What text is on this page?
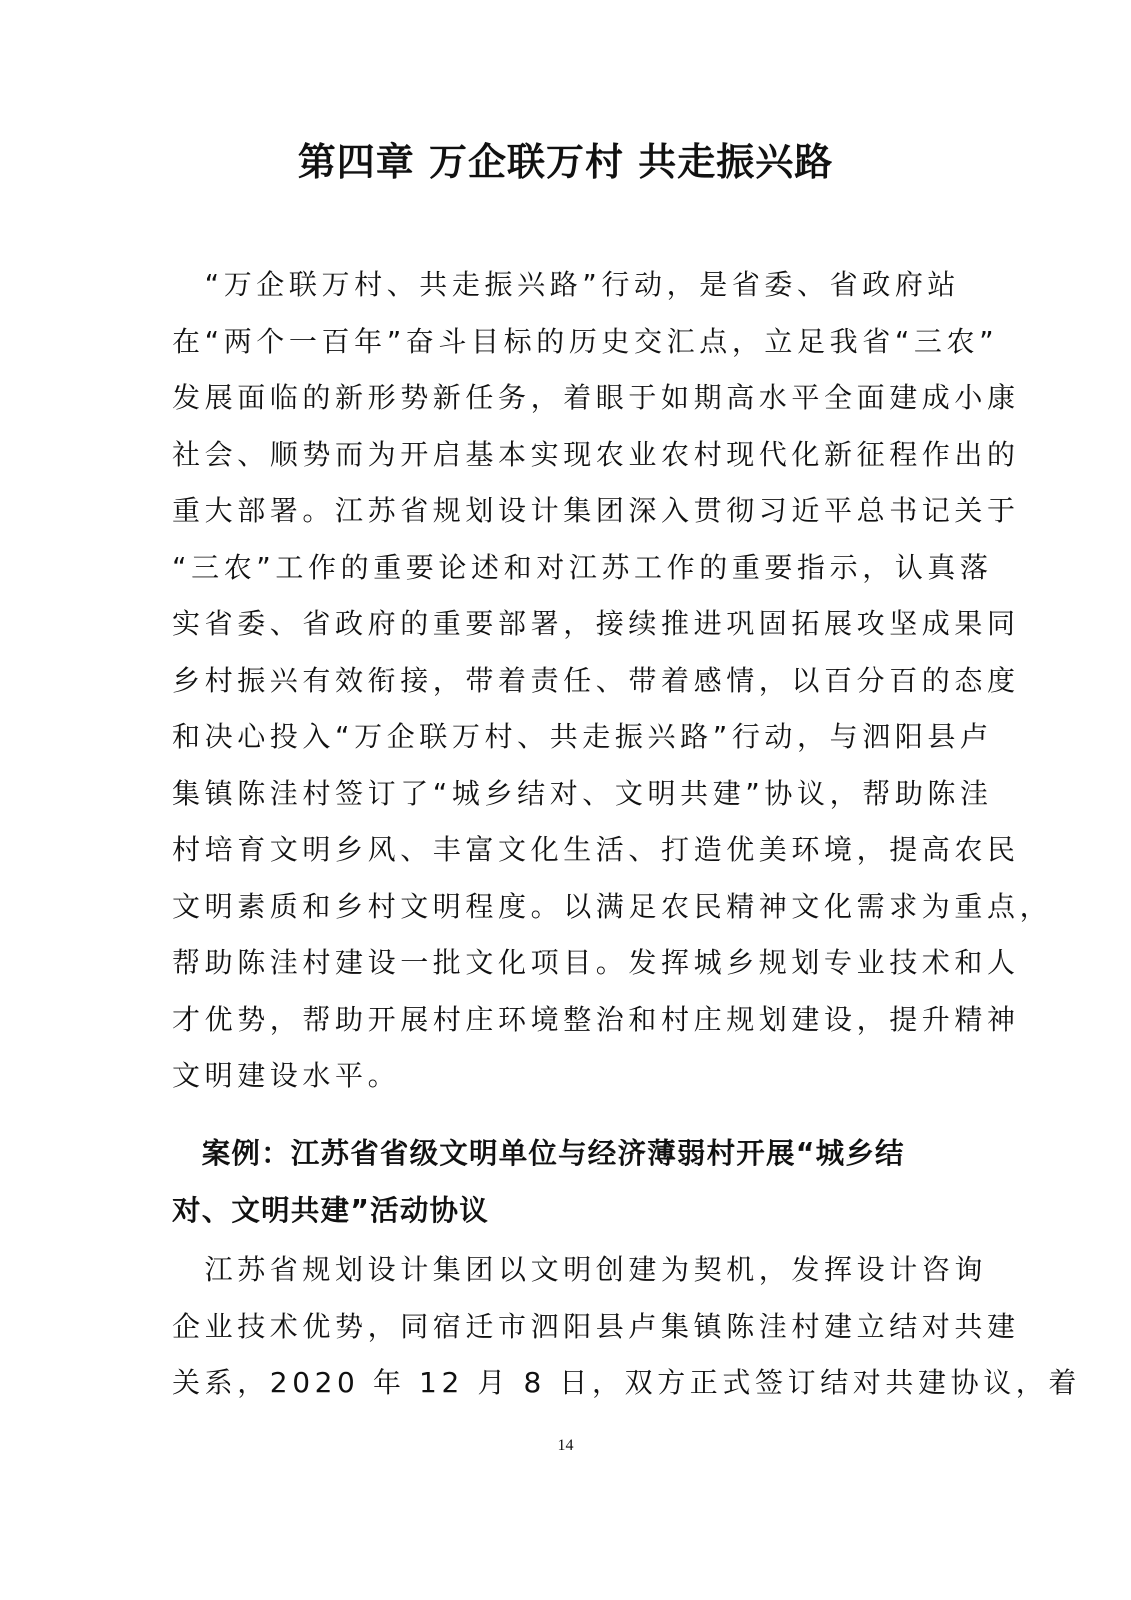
第四章 万企联万村 共走振兴路
　“万企联万村、共走振兴路”行动，是省委、省政府站
在“两个一百年”奋斗目标的历史交汇点，立足我省“三农”
发展面临的新形势新任务，着眼于如期高水平全面建成小康
社会、顺势而为开启基本实现农业农村现代化新征程作出的
重大部署。江苏省规划设计集团深入贯彻习近平总书记关于
“三农”工作的重要论述和对江苏工作的重要指示，认真落
实省委、省政府的重要部署，接续推进巩固拓展攻坚成果同
乡村振兴有效衔接，带着责任、带着感情，以百分百的态度
和决心投入“万企联万村、共走振兴路”行动，与泗阳县卢
集镇陈洼村签订了“城乡结对、文明共建”协议，帮助陈洼
村培育文明乡风、丰富文化生活、打造优美环境，提高农民
文明素质和乡村文明程度。以满足农民精神文化需求为重点，
帮助陈洼村建设一批文化项目。发挥城乡规划专业技术和人
才优势，帮助开展村庄环境整治和村庄规划建设，提升精神
文明建设水平。
　案例：江苏省省级文明单位与经济薄弱村开展“城乡结
对、文明共建”活动协议
　江苏省规划设计集团以文明创建为契机，发挥设计咨询
企业技术优势，同宿迁市泗阳县卢集镇陈洼村建立结对共建
关系，2020 年 12 月 8 日，双方正式签订结对共建协议，着
14
